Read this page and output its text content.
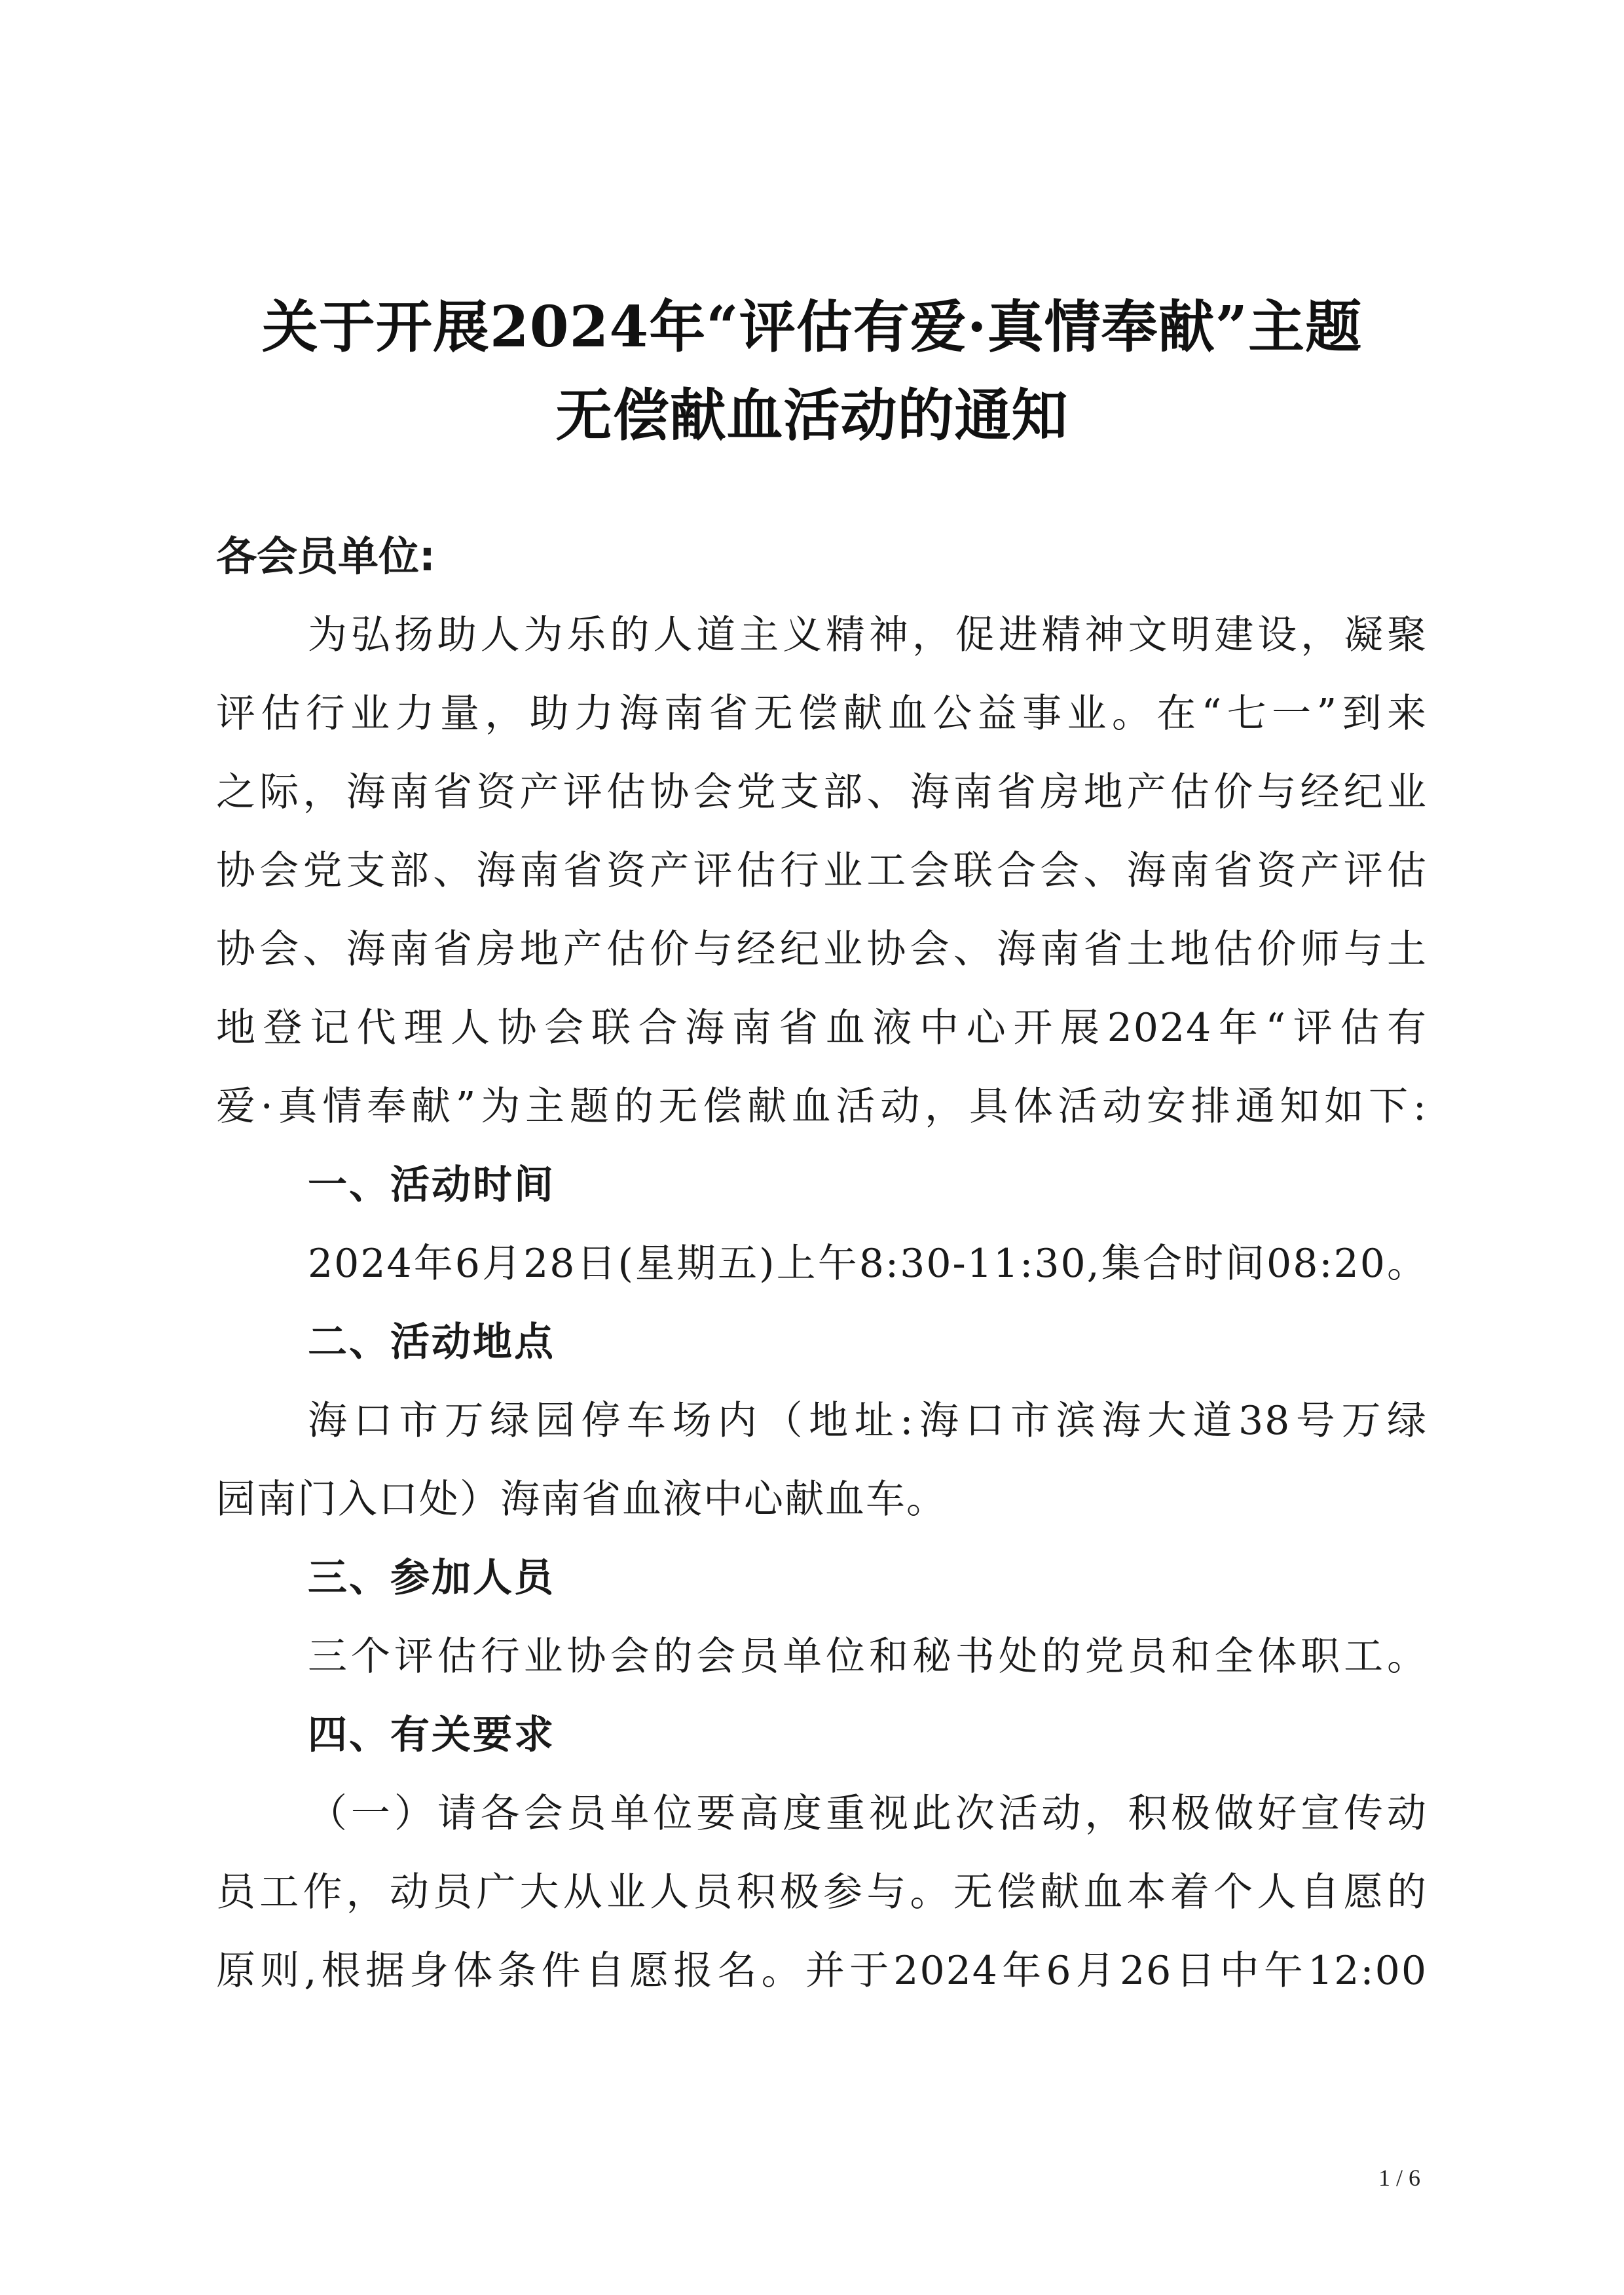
关于开展2024年“评估有爱·真情奉献”主题
无偿献血活动的通知
各会员单位:
为弘扬助人为乐的人道主义精神，促进精神文明建设，凝聚
评估行业力量，助力海南省无偿献血公益事业。在“七一”到来
之际，海南省资产评估协会党支部、海南省房地产估价与经纪业
协会党支部、海南省资产评估行业工会联合会、海南省资产评估
协会、海南省房地产估价与经纪业协会、海南省土地估价师与土
地登记代理人协会联合海南省血液中心开展2024年“评估有
爱·真情奉献”为主题的无偿献血活动，具体活动安排通知如下:
一、活动时间
2024年6月28日(星期五)上午8:30-11:30,集合时间08:20。
二、活动地点
海口市万绿园停车场内（地址:海口市滨海大道38号万绿
园南门入口处）海南省血液中心献血车。
三、参加人员
三个评估行业协会的会员单位和秘书处的党员和全体职工。
四、有关要求
（一）请各会员单位要高度重视此次活动，积极做好宣传动
员工作，动员广大从业人员积极参与。无偿献血本着个人自愿的
原则,根据身体条件自愿报名。并于2024年6月26日中午12:00
1 / 6
